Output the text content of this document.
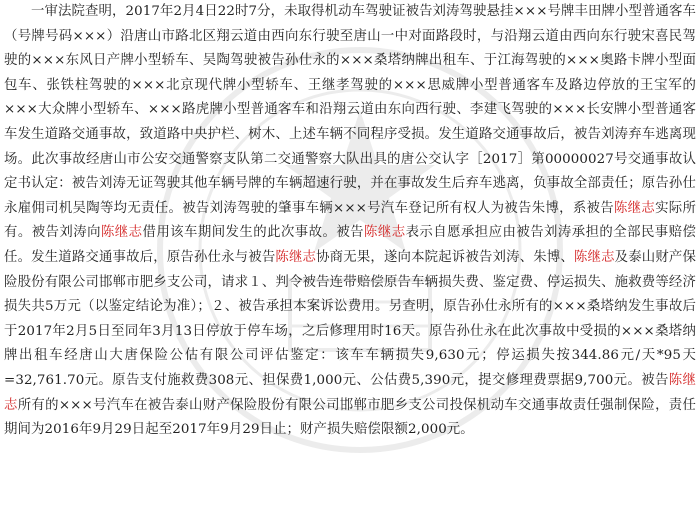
　　一审法院查明，2017年2月4日22时7分，未取得机动车驾驶证被告刘涛驾驶悬挂×××号牌丰田牌小型普通客车（号牌号码×××）沿唐山市路北区翔云道由西向东行驶至唐山一中对面路段时，与沿翔云道由西向东行驶宋喜民驾驶的×××东风日产牌小型轿车、吴陶驾驶被告孙仕永的×××桑塔纳牌出租车、于江海驾驶的×××奥路卡牌小型面包车、张铁柱驾驶的×××北京现代牌小型轿车、王继孝驾驶的×××思威牌小型普通客车及路边停放的王宝军的×××大众牌小型轿车、×××路虎牌小型普通客车和沿翔云道由东向西行驶、李建飞驾驶的×××长安牌小型普通客车发生道路交通事故，致道路中央护栏、树木、上述车辆不同程序受损。发生道路交通事故后，被告刘涛弃车逃离现场。此次事故经唐山市公安交通警察支队第二交通警察大队出具的唐公交认字［2017］第00000027号交通事故认定书认定：被告刘涛无证驾驶其他车辆号牌的车辆超速行驶，并在事故发生后弃车逃离，负事故全部责任；原告孙仕永雇佣司机吴陶等均无责任。被告刘涛驾驶的肇事车辆×××号汽车登记所有权人为被告朱博，系被告陈继志实际所有。被告刘涛向陈继志借用该车期间发生的此次事故。被告陈继志表示自愿承担应由被告刘涛承担的全部民事赔偿任。发生道路交通事故后，原告孙仕永与被告陈继志协商无果，遂向本院起诉被告刘涛、朱博、陈继志及泰山财产保险股份有限公司邯郸市肥乡支公司，请求１、判令被告连带赔偿原告车辆损失费、鉴定费、停运损失、施救费等经济损失共5万元（以鉴定结论为准）；２、被告承担本案诉讼费用。另查明，原告孙仕永所有的×××桑塔纳发生事故后于2017年2月5日至同年3月13日停放于停车场，之后修理用时16天。原告孙仕永在此次事故中受损的×××桑塔纳牌出租车经唐山大唐保险公估有限公司评估鉴定：该车车辆损失9,630元；停运损失按344.86元/天*95天=32,761.70元。原告支付施救费308元、担保费1,000元、公估费5,390元，提交修理费票据9,700元。被告陈继志所有的×××号汽车在被告泰山财产保险股份有限公司邯郸市肥乡支公司投保机动车交通事故责任强制保险，责任期间为2016年9月29日起至2017年9月29日止；财产损失赔偿限额2,000元。
